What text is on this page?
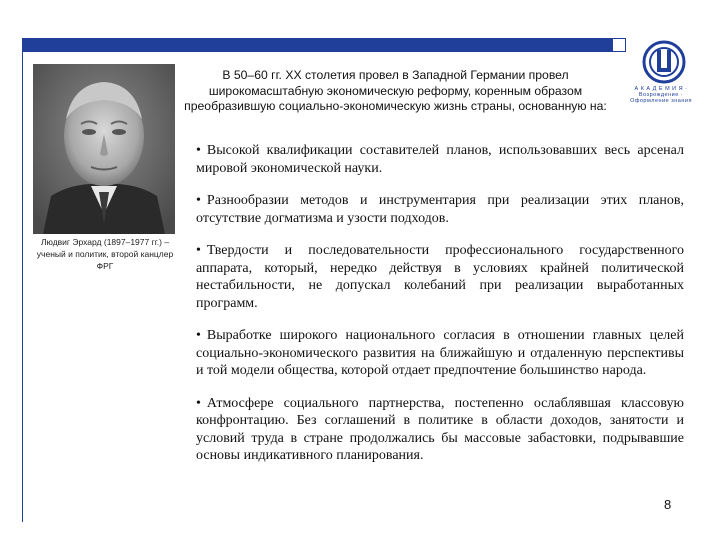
Людвиг Эрхард (1897–1977 гг.) – ученый и политик, второй канцлер ФРГ
А К А Д Е М И Я · Возрождение · Оформление знания
В 50–60 гг. XX столетия провел в Западной Германии провел широкомасштабную экономическую реформу, коренным образом преобразившую социально-экономическую жизнь страны, основанную на:

• Высокой квалификации составителей планов, использовавших весь арсенал мировой экономической науки.

• Разнообразии методов и инструментария при реализации этих планов, отсутствие догматизма и узости подходов.

• Твердости и последовательности профессионального государственного аппарата, который, нередко действуя в условиях крайней политической нестабильности, не допускал колебаний при реализации выработанных программ.

• Выработке широкого национального согласия в отношении главных целей социально-экономического развития на ближайшую и отдаленную перспективы и той модели общества, которой отдает предпочтение большинство народа.

• Атмосфере социального партнерства, постепенно ослаблявшая классовую конфронтацию. Без соглашений в политике в области доходов, занятости и условий труда в стране продолжались бы массовые забастовки, подрывавшие основы индикативного планирования.

8
